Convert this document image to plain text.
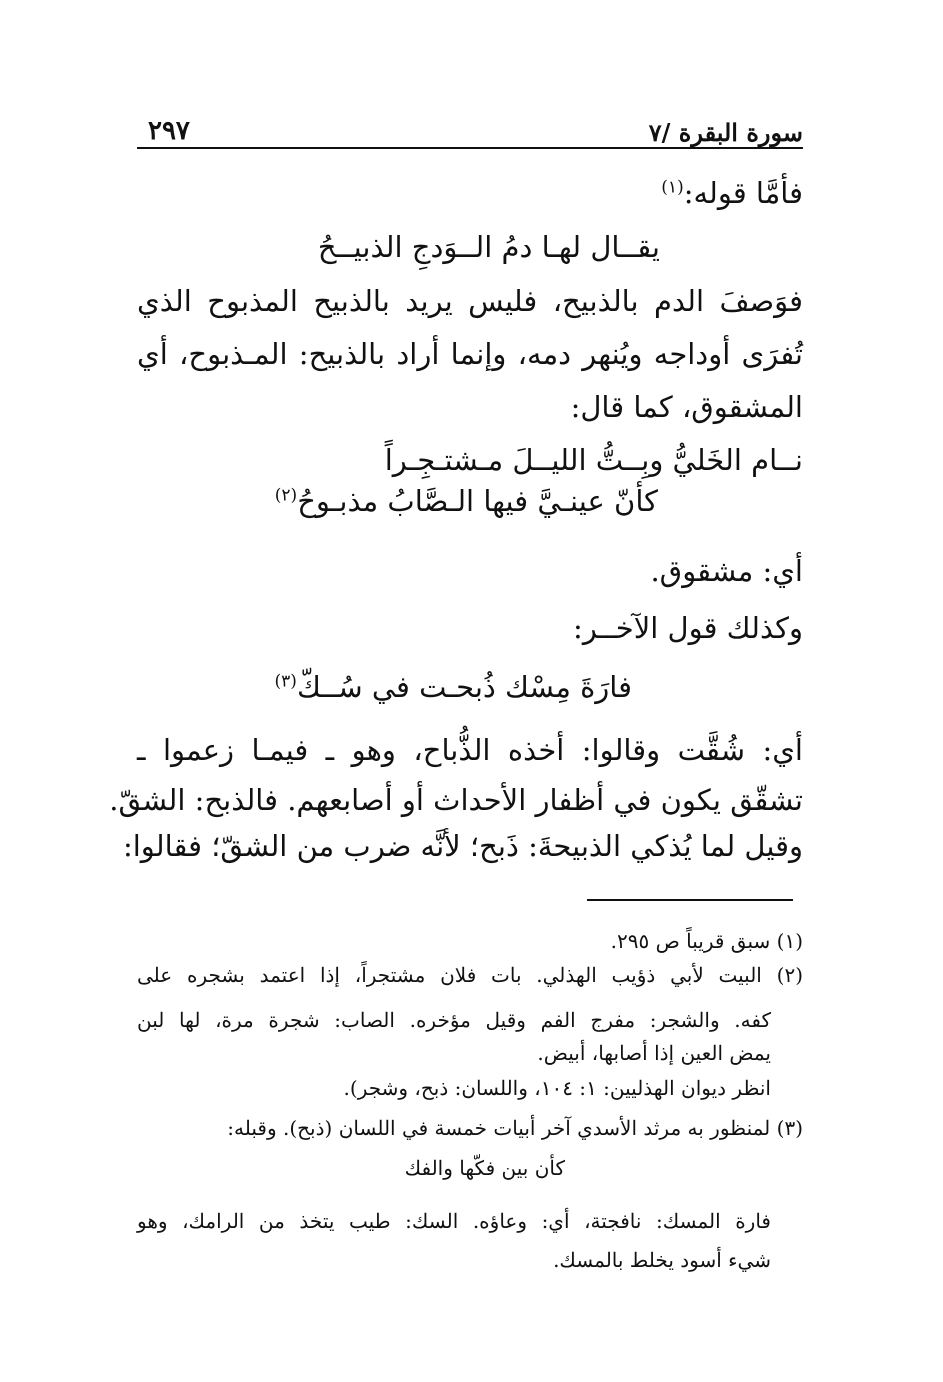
سورة البقرة /٧
٢٩٧
فأمَّا قوله:$^{(١)}$
يقــال لهـا دمُ الــوَدجِ الذبيــحُ
فوَصفَ الدم بالذبيح، فليس يريد بالذبيح المذبوح الذي
تُفرَى أوداجه ويُنهر دمه، وإنما أراد بالذبيح: المـذبوح، أي
المشقوق، كما قال:
نــام الخَليُّ وبِــتُّ الليــلَ مـشتـجِـراً
كأنّ عينـيَّ فيها الـصَّابُ مذبـوحُ$^{(٢)}$
أي: مشقوق.
وكذلك قول الآخــر:
فارَةَ مِسْك ذُبحـت في سُــكّ$^{(٣)}$
أي: شُقَّت وقالوا: أخذه الذُّباح، وهو ـ فيمـا زعموا ـ
تشقّق يكون في أظفار الأحداث أو أصابعهم. فالذبح: الشقّ.
وقيل لما يُذكي الذبيحةَ: ذَبح؛ لأنَّه ضرب من الشقّ؛ فقالوا:
(١) سبق قريباً ص ٢٩٥.
(٢) البيت لأبي ذؤيب الهذلي. بات فلان مشتجراً، إذا اعتمد بشجره على
كفه. والشجر: مفرج الفم وقيل مؤخره. الصاب: شجرة مرة، لها لبن
يمض العين إذا أصابها، أبيض.
انظر ديوان الهذليين: ١: ١٠٤، واللسان: ذبح، وشجر).
(٣) لمنظور به مرثد الأسدي آخر أبيات خمسة في اللسان (ذبح). وقبله:
كأن بين فكّها والفك
فارة المسك: نافجتة، أي: وعاؤه. السك: طيب يتخذ من الرامك، وهو
شيء أسود يخلط بالمسك.
